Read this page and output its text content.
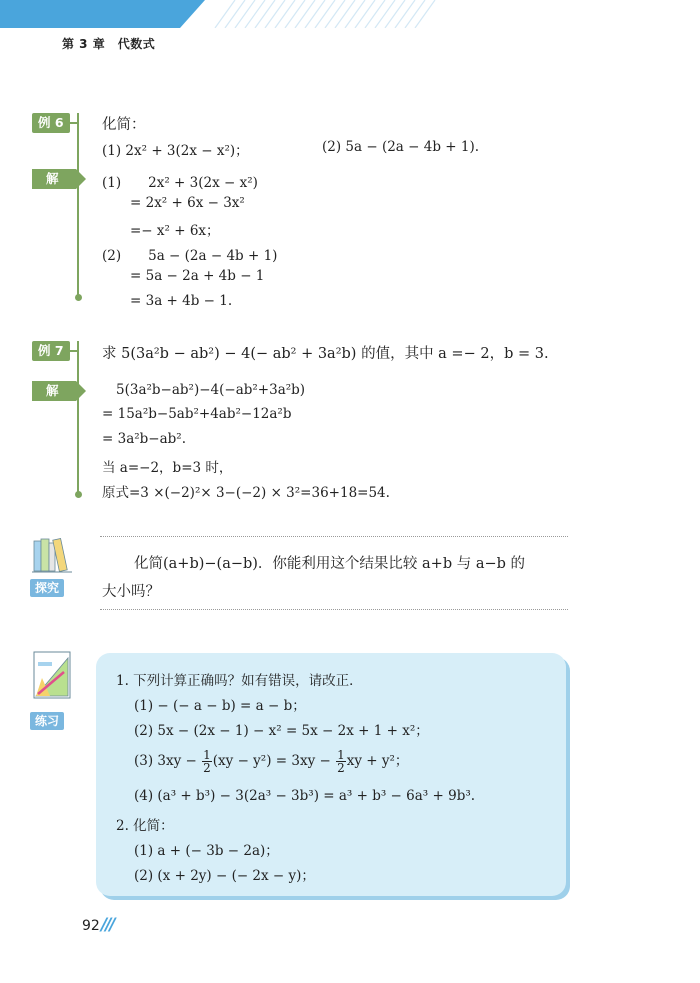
第 3 章　代数式
例 6
解
化简：
(1) 2x² + 3(2x − x²)；	(2) 5a − (2a − 4b + 1).
(1)　　2x² + 3(2x − x²)
= 2x² + 6x − 3x²
=− x² + 6x；
(2)　　5a − (2a − 4b + 1)
= 5a − 2a + 4b − 1
= 3a + 4b − 1.
例 7
解
求 5(3a²b − ab²) − 4(− ab² + 3a²b) 的值，其中 a =− 2，b = 3.
5(3a²b−ab²)−4(−ab²+3a²b)
= 15a²b−5ab²+4ab²−12a²b
= 3a²b−ab².
当 a=−2，b=3 时，
原式=3 ×(−2)²× 3−(−2) × 3²=36+18=54.
探究
化简(a+b)−(a−b)．你能利用这个结果比较 a+b 与 a−b 的
大小吗？
练习
1. 下列计算正确吗？如有错误，请改正．
(1) − (− a − b) = a − b；
(2) 5x − (2x − 1) − x² = 5x − 2x + 1 + x²；
(3) $3xy - \frac{1}{2} (xy - y^2) = 3xy - \frac{1}{2}$ xy + y²；
(4) (a³ + b³) − 3(2a³ − 3b³) = a³ + b³ − 6a³ + 9b³.
2. 化简：
(1) a + (− 3b − 2a)；
(2) (x + 2y) − (− 2x − y)；
92 ///
